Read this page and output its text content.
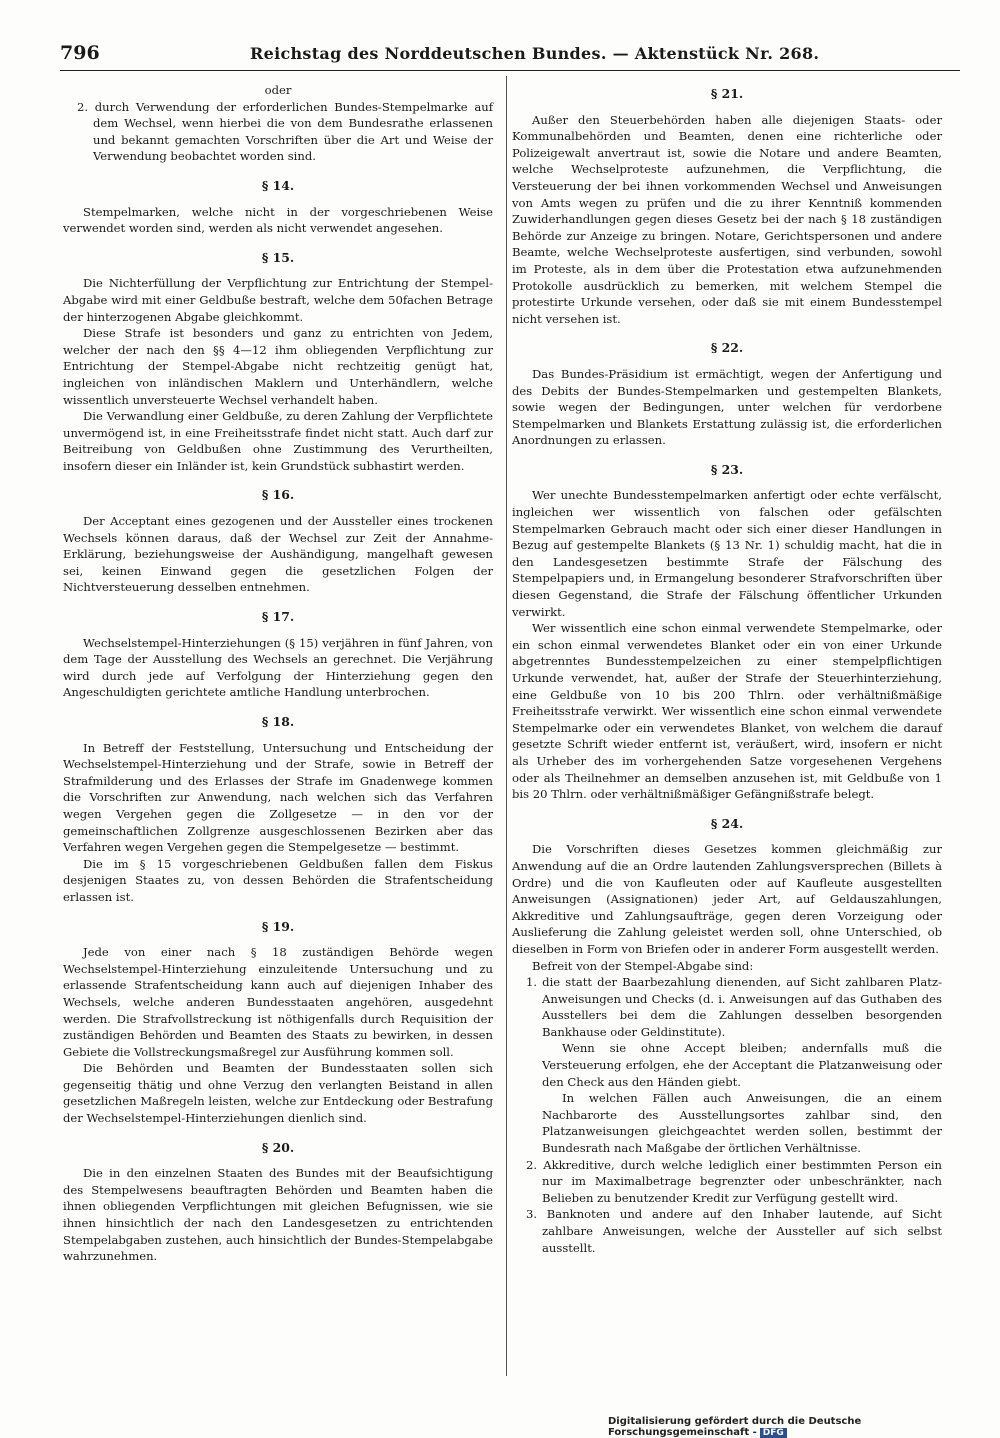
796	Reichstag des Norddeutschen Bundes. — Aktenstück Nr. 268.

oder

2. durch Verwendung der erforderlichen Bundes-Stempelmarke auf dem Wechsel, wenn hierbei die von dem Bundesrathe erlassenen und bekannt gemachten Vorschriften über die Art und Weise der Verwendung beobachtet worden sind.

§ 14.

Stempelmarken, welche nicht in der vorgeschriebenen Weise verwendet worden sind, werden als nicht verwendet angesehen.

§ 15.

Die Nichterfüllung der Verpflichtung zur Entrichtung der Stempel-Abgabe wird mit einer Geldbuße bestraft, welche dem 50fachen Betrage der hinterzogenen Abgabe gleichkommt.

Diese Strafe ist besonders und ganz zu entrichten von Jedem, welcher der nach den §§ 4—12 ihm obliegenden Verpflichtung zur Entrichtung der Stempel-Abgabe nicht rechtzeitig genügt hat, ingleichen von inländischen Maklern und Unterhändlern, welche wissentlich unversteuerte Wechsel verhandelt haben.

Die Verwandlung einer Geldbuße, zu deren Zahlung der Verpflichtete unvermögend ist, in eine Freiheitsstrafe findet nicht statt. Auch darf zur Beitreibung von Geldbußen ohne Zustimmung des Verurtheilten, insofern dieser ein Inländer ist, kein Grundstück subhastirt werden.

§ 16.

Der Acceptant eines gezogenen und der Aussteller eines trockenen Wechsels können daraus, daß der Wechsel zur Zeit der Annahme-Erklärung, beziehungsweise der Aushändigung, mangelhaft gewesen sei, keinen Einwand gegen die gesetzlichen Folgen der Nichtversteuerung desselben entnehmen.

§ 17.

Wechselstempel-Hinterziehungen (§ 15) verjähren in fünf Jahren, von dem Tage der Ausstellung des Wechsels an gerechnet. Die Verjährung wird durch jede auf Verfolgung der Hinterziehung gegen den Angeschuldigten gerichtete amtliche Handlung unterbrochen.

§ 18.

In Betreff der Feststellung, Untersuchung und Entscheidung der Wechselstempel-Hinterziehung und der Strafe, sowie in Betreff der Strafmilderung und des Erlasses der Strafe im Gnadenwege kommen die Vorschriften zur Anwendung, nach welchen sich das Verfahren wegen Vergehen gegen die Zollgesetze — in den vor der gemeinschaftlichen Zollgrenze ausgeschlossenen Bezirken aber das Verfahren wegen Vergehen gegen die Stempelgesetze — bestimmt.

Die im § 15 vorgeschriebenen Geldbußen fallen dem Fiskus desjenigen Staates zu, von dessen Behörden die Strafentscheidung erlassen ist.

§ 19.

Jede von einer nach § 18 zuständigen Behörde wegen Wechselstempel-Hinterziehung einzuleitende Untersuchung und zu erlassende Strafentscheidung kann auch auf diejenigen Inhaber des Wechsels, welche anderen Bundesstaaten angehören, ausgedehnt werden. Die Strafvollstreckung ist nöthigenfalls durch Requisition der zuständigen Behörden und Beamten des Staats zu bewirken, in dessen Gebiete die Vollstreckungsmaßregel zur Ausführung kommen soll.

Die Behörden und Beamten der Bundesstaaten sollen sich gegenseitig thätig und ohne Verzug den verlangten Beistand in allen gesetzlichen Maßregeln leisten, welche zur Entdeckung oder Bestrafung der Wechselstempel-Hinterziehungen dienlich sind.

§ 20.

Die in den einzelnen Staaten des Bundes mit der Beaufsichtigung des Stempelwesens beauftragten Behörden und Beamten haben die ihnen obliegenden Verpflichtungen mit gleichen Befugnissen, wie sie ihnen hinsichtlich der nach den Landesgesetzen zu entrichtenden Stempelabgaben zustehen, auch hinsichtlich der Bundes-Stempelabgabe wahrzunehmen.

§ 21.

Außer den Steuerbehörden haben alle diejenigen Staats- oder Kommunalbehörden und Beamten, denen eine richterliche oder Polizeigewalt anvertraut ist, sowie die Notare und andere Beamten, welche Wechselproteste aufzunehmen, die Verpflichtung, die Versteuerung der bei ihnen vorkommenden Wechsel und Anweisungen von Amts wegen zu prüfen und die zu ihrer Kenntniß kommenden Zuwiderhandlungen gegen dieses Gesetz bei der nach § 18 zuständigen Behörde zur Anzeige zu bringen. Notare, Gerichtspersonen und andere Beamte, welche Wechselproteste ausfertigen, sind verbunden, sowohl im Proteste, als in dem über die Protestation etwa aufzunehmenden Protokolle ausdrücklich zu bemerken, mit welchem Stempel die protestirte Urkunde versehen, oder daß sie mit einem Bundesstempel nicht versehen ist.

§ 22.

Das Bundes-Präsidium ist ermächtigt, wegen der Anfertigung und des Debits der Bundes-Stempelmarken und gestempelten Blankets, sowie wegen der Bedingungen, unter welchen für verdorbene Stempelmarken und Blankets Erstattung zulässig ist, die erforderlichen Anordnungen zu erlassen.

§ 23.

Wer unechte Bundesstempelmarken anfertigt oder echte verfälscht, ingleichen wer wissentlich von falschen oder gefälschten Stempelmarken Gebrauch macht oder sich einer dieser Handlungen in Bezug auf gestempelte Blankets (§ 13 Nr. 1) schuldig macht, hat die in den Landesgesetzen bestimmte Strafe der Fälschung des Stempelpapiers und, in Ermangelung besonderer Strafvorschriften über diesen Gegenstand, die Strafe der Fälschung öffentlicher Urkunden verwirkt.

Wer wissentlich eine schon einmal verwendete Stempelmarke, oder ein schon einmal verwendetes Blanket oder ein von einer Urkunde abgetrenntes Bundesstempelzeichen zu einer stempelpflichtigen Urkunde verwendet, hat, außer der Strafe der Steuerhinterziehung, eine Geldbuße von 10 bis 200 Thlrn. oder verhältnißmäßige Freiheitsstrafe verwirkt. Wer wissentlich eine schon einmal verwendete Stempelmarke oder ein verwendetes Blanket, von welchem die darauf gesetzte Schrift wieder entfernt ist, veräußert, wird, insofern er nicht als Urheber des im vorhergehenden Satze vorgesehenen Vergehens oder als Theilnehmer an demselben anzusehen ist, mit Geldbuße von 1 bis 20 Thlrn. oder verhältnißmäßiger Gefängnißstrafe belegt.

§ 24.

Die Vorschriften dieses Gesetzes kommen gleichmäßig zur Anwendung auf die an Ordre lautenden Zahlungsversprechen (Billets à Ordre) und die von Kaufleuten oder auf Kaufleute ausgestellten Anweisungen (Assignationen) jeder Art, auf Geldauszahlungen, Akkreditive und Zahlungsaufträge, gegen deren Vorzeigung oder Auslieferung die Zahlung geleistet werden soll, ohne Unterschied, ob dieselben in Form von Briefen oder in anderer Form ausgestellt werden.

Befreit von der Stempel-Abgabe sind:

1. die statt der Baarbezahlung dienenden, auf Sicht zahlbaren Platz-Anweisungen und Checks (d. i. Anweisungen auf das Guthaben des Ausstellers bei dem die Zahlungen desselben besorgenden Bankhause oder Geldinstitute).

Wenn sie ohne Accept bleiben; andernfalls muß die Versteuerung erfolgen, ehe der Acceptant die Platzanweisung oder den Check aus den Händen giebt.

In welchen Fällen auch Anweisungen, die an einem Nachbarorte des Ausstellungsortes zahlbar sind, den Platzanweisungen gleichgeachtet werden sollen, bestimmt der Bundesrath nach Maßgabe der örtlichen Verhältnisse.

2. Akkreditive, durch welche lediglich einer bestimmten Person ein nur im Maximalbetrage begrenzter oder unbeschränkter, nach Belieben zu benutzender Kredit zur Verfügung gestellt wird.

3. Banknoten und andere auf den Inhaber lautende, auf Sicht zahlbare Anweisungen, welche der Aussteller auf sich selbst ausstellt.

Digitalisierung gefördert durch die Deutsche Forschungsgemeinschaft - DFG
